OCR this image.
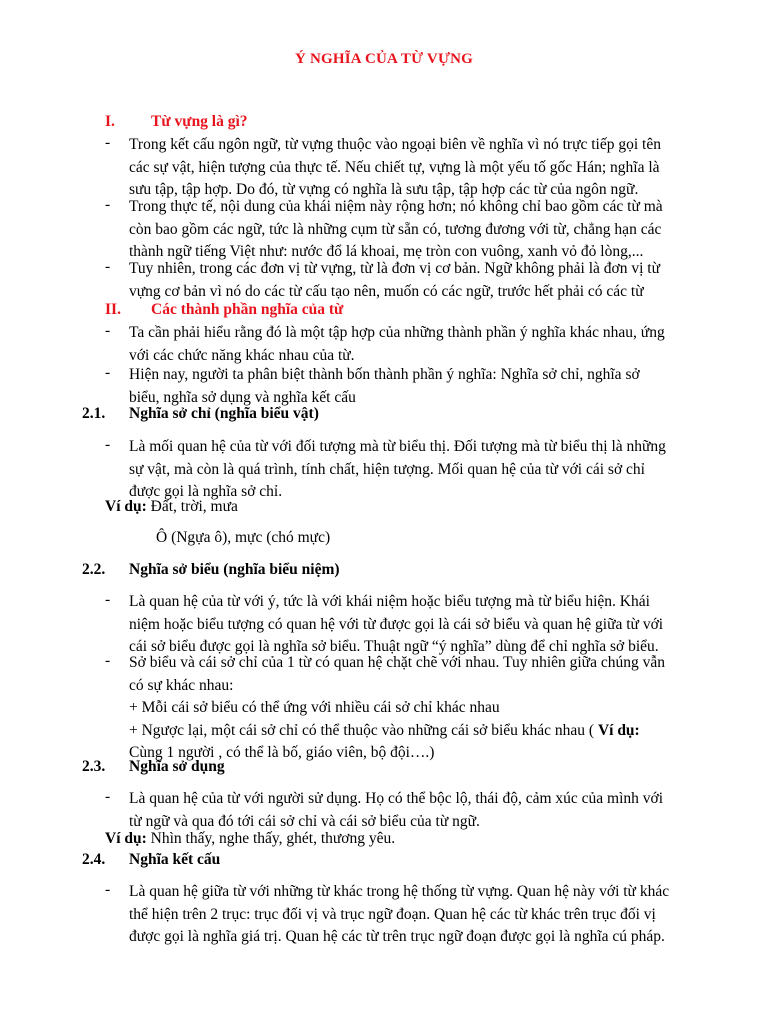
Ý NGHĨA CỦA TỪ VỰNG
I. Từ vựng là gì?
- Trong kết cấu ngôn ngữ, từ vựng thuộc vào ngoại biên về nghĩa vì nó trực tiếp gọi tên
các sự vật, hiện tượng của thực tế. Nếu chiết tự, vựng là một yếu tố gốc Hán; nghĩa là
sưu tập, tập hợp. Do đó, từ vựng có nghĩa là sưu tập, tập hợp các từ của ngôn ngữ.
- Trong thực tế, nội dung của khái niệm này rộng hơn; nó không chỉ bao gồm các từ mà
còn bao gồm các ngữ, tức là những cụm từ sẵn có, tương đương với từ, chẳng hạn các
thành ngữ tiếng Việt như: nước đổ lá khoai, mẹ tròn con vuông, xanh vỏ đỏ lòng,...
- Tuy nhiên, trong các đơn vị từ vựng, từ là đơn vị cơ bản. Ngữ không phải là đơn vị từ
vựng cơ bản vì nó do các từ cấu tạo nên, muốn có các ngữ, trước hết phải có các từ
II. Các thành phần nghĩa của từ
- Ta cần phải hiểu rằng đó là một tập hợp của những thành phần ý nghĩa khác nhau, ứng
với các chức năng khác nhau của từ.
- Hiện nay, người ta phân biệt thành bốn thành phần ý nghĩa: Nghĩa sở chỉ, nghĩa sở
biểu, nghĩa sở dụng và nghĩa kết cấu
2.1. Nghĩa sở chỉ (nghĩa biểu vật)
- Là mối quan hệ của từ với đối tượng mà từ biểu thị. Đối tượng mà từ biểu thị là những
sự vật, mà còn là quá trình, tính chất, hiện tượng. Mối quan hệ của từ với cái sở chỉ
được gọi là nghĩa sở chỉ.
Ví dụ: Đất, trời, mưa
Ô (Ngựa ô), mực (chó mực)
2.2. Nghĩa sở biểu (nghĩa biểu niệm)
- Là quan hệ của từ với ý, tức là với khái niệm hoặc biểu tượng mà từ biểu hiện. Khái
niệm hoặc biểu tượng có quan hệ với từ được gọi là cái sở biểu và quan hệ giữa từ với
cái sở biểu được gọi là nghĩa sở biểu. Thuật ngữ “ý nghĩa” dùng để chỉ nghĩa sở biểu.
- Sở biểu và cái sở chỉ của 1 từ có quan hệ chặt chẽ với nhau. Tuy nhiên giữa chúng vẫn
có sự khác nhau:
+ Mỗi cái sở biểu có thể ứng với nhiều cái sở chỉ khác nhau
+ Ngược lại, một cái sở chỉ có thể thuộc vào những cái sở biểu khác nhau ( Ví dụ:
Cùng 1 người , có thể là bố, giáo viên, bộ đội….)
2.3. Nghĩa sở dụng
- Là quan hệ của từ với người sử dụng. Họ có thể bộc lộ, thái độ, cảm xúc của mình với
từ ngữ và qua đó tới cái sở chỉ và cái sở biểu của từ ngữ.
Ví dụ: Nhìn thấy, nghe thấy, ghét, thương yêu.
2.4. Nghĩa kết cấu
- Là quan hệ giữa từ với những từ khác trong hệ thống từ vựng. Quan hệ này với từ khác
thể hiện trên 2 trục: trục đối vị và trục ngữ đoạn. Quan hệ các từ khác trên trục đối vị
được gọi là nghĩa giá trị. Quan hệ các từ trên trục ngữ đoạn được gọi là nghĩa cú pháp.
